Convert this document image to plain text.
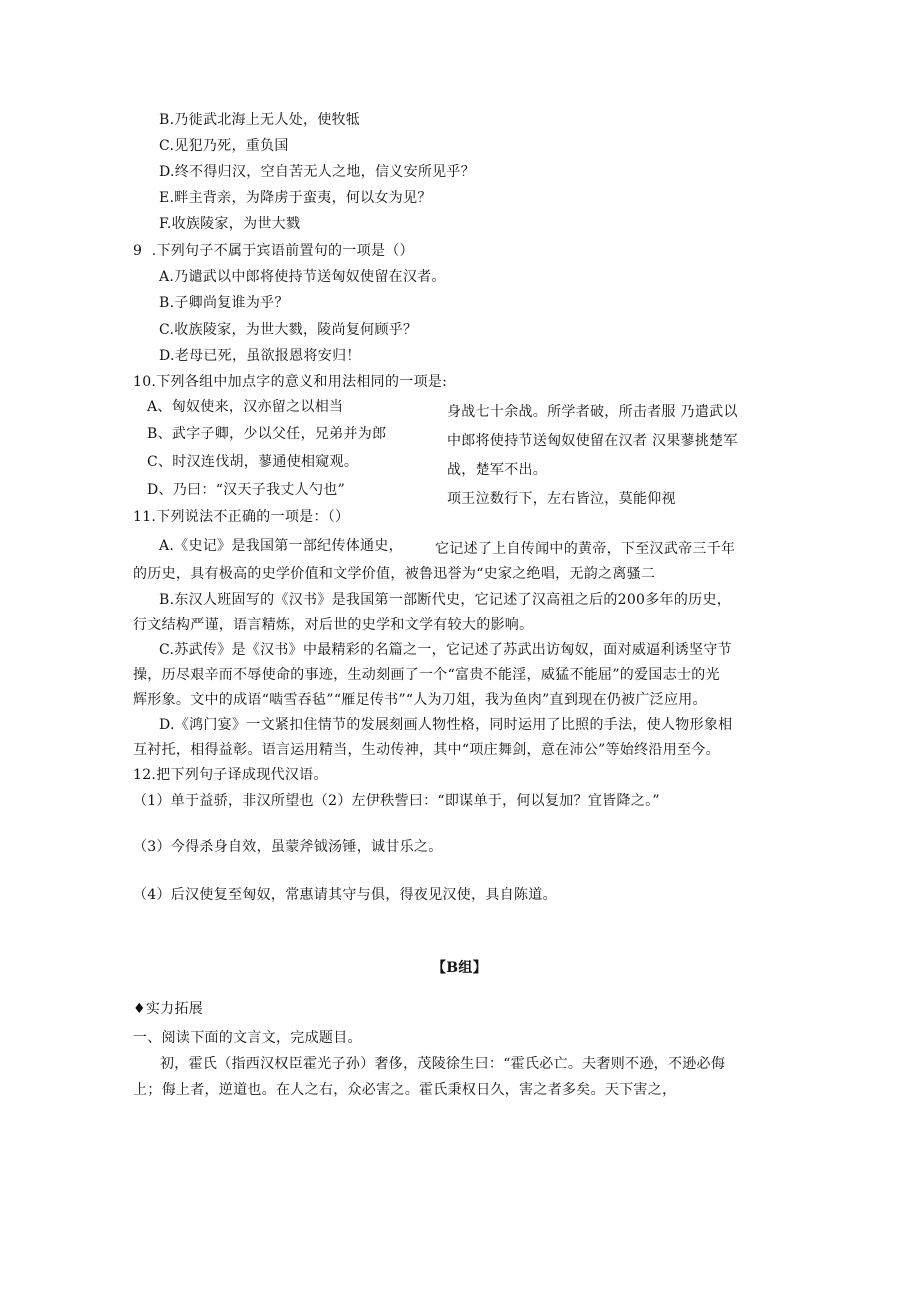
B.乃徙武北海上无人处，使牧牴
C.见犯乃死，重负国
D.终不得归汉，空自苦无人之地，信义安所见乎？
E.畔主背亲，为降虏于蛮夷，何以女为见？
F.收族陵家，为世大戮
9  .下列句子不属于宾语前置句的一项是（）
A.乃谴武以中郎将使持节送匈奴使留在汉者。
B.子卿尚复谁为乎？
C.收族陵家，为世大戮，陵尚复何顾乎？
D.老母已死，虽欲报恩将安归！
10.下列各组中加点字的意义和用法相同的一项是:
A、匈奴使来，汉亦留之以相当
B、武字子卿，少以父任，兄弟并为郎
C、时汉连伐胡，蓼通使相窥观。
D、乃曰：“汉天子我丈人勺也”
身战七十余战。所学者破，所击者服 乃遣武以
中郎将使持节送匈奴使留在汉者 汉果蓼挑楚军
战，楚军不出。
项王泣数行下，左右皆泣，莫能仰视
11.下列说法不正确的一项是：（）
A.《史记》是我国第一部纪传体通史， 它记述了上自传闻中的黄帝，下至汉武帝三千年
的历史，具有极高的史学价值和文学价值，被鲁迅誉为“史家之绝唱，无韵之离骚二
B.东汉人班固写的《汉书》是我国第一部断代史，它记述了汉高祖之后的200多年的历史，
行文结构严谨，语言精炼，对后世的史学和文学有较大的影响。
C.苏武传》是《汉书》中最精彩的名篇之一，它记述了苏武出访匈奴，面对威逼利诱坚守节
操，历尽艰辛而不辱使命的事迹，生动刻画了一个“富贵不能淫，威猛不能屈”的爱国志士的光
辉形象。文中的成语“啮雪吞毡”“雁足传书”“人为刀俎，我为鱼肉”直到现在仍被广泛应用。
D.《鸿门宴》一文紧扣住情节的发展刻画人物性格，同时运用了比照的手法，使人物形象相
互衬托，相得益彰。语言运用精当，生动传神，其中“项庄舞剑，意在沛公”等始终沿用至今。
12.把下列句子译成现代汉语。
（1）单于益骄，非汉所望也（2）左伊秩訾曰：“即谋单于，何以复加？宜皆降之。”
（3）今得杀身自效，虽蒙斧钺汤锤，诚甘乐之。
（4）后汉使复至匈奴，常惠请其守与俱，得夜见汉使，具自陈道。
【B组】
♦实力拓展
一、阅读下面的文言文，完成题目。
初，霍氏（指西汉权臣霍光子孙）奢侈，茂陵徐生曰：“霍氏必亡。夫奢则不逊，不逊必侮
上；侮上者，逆道也。在人之右，众必害之。霍氏秉权日久，害之者多矣。天下害之，
